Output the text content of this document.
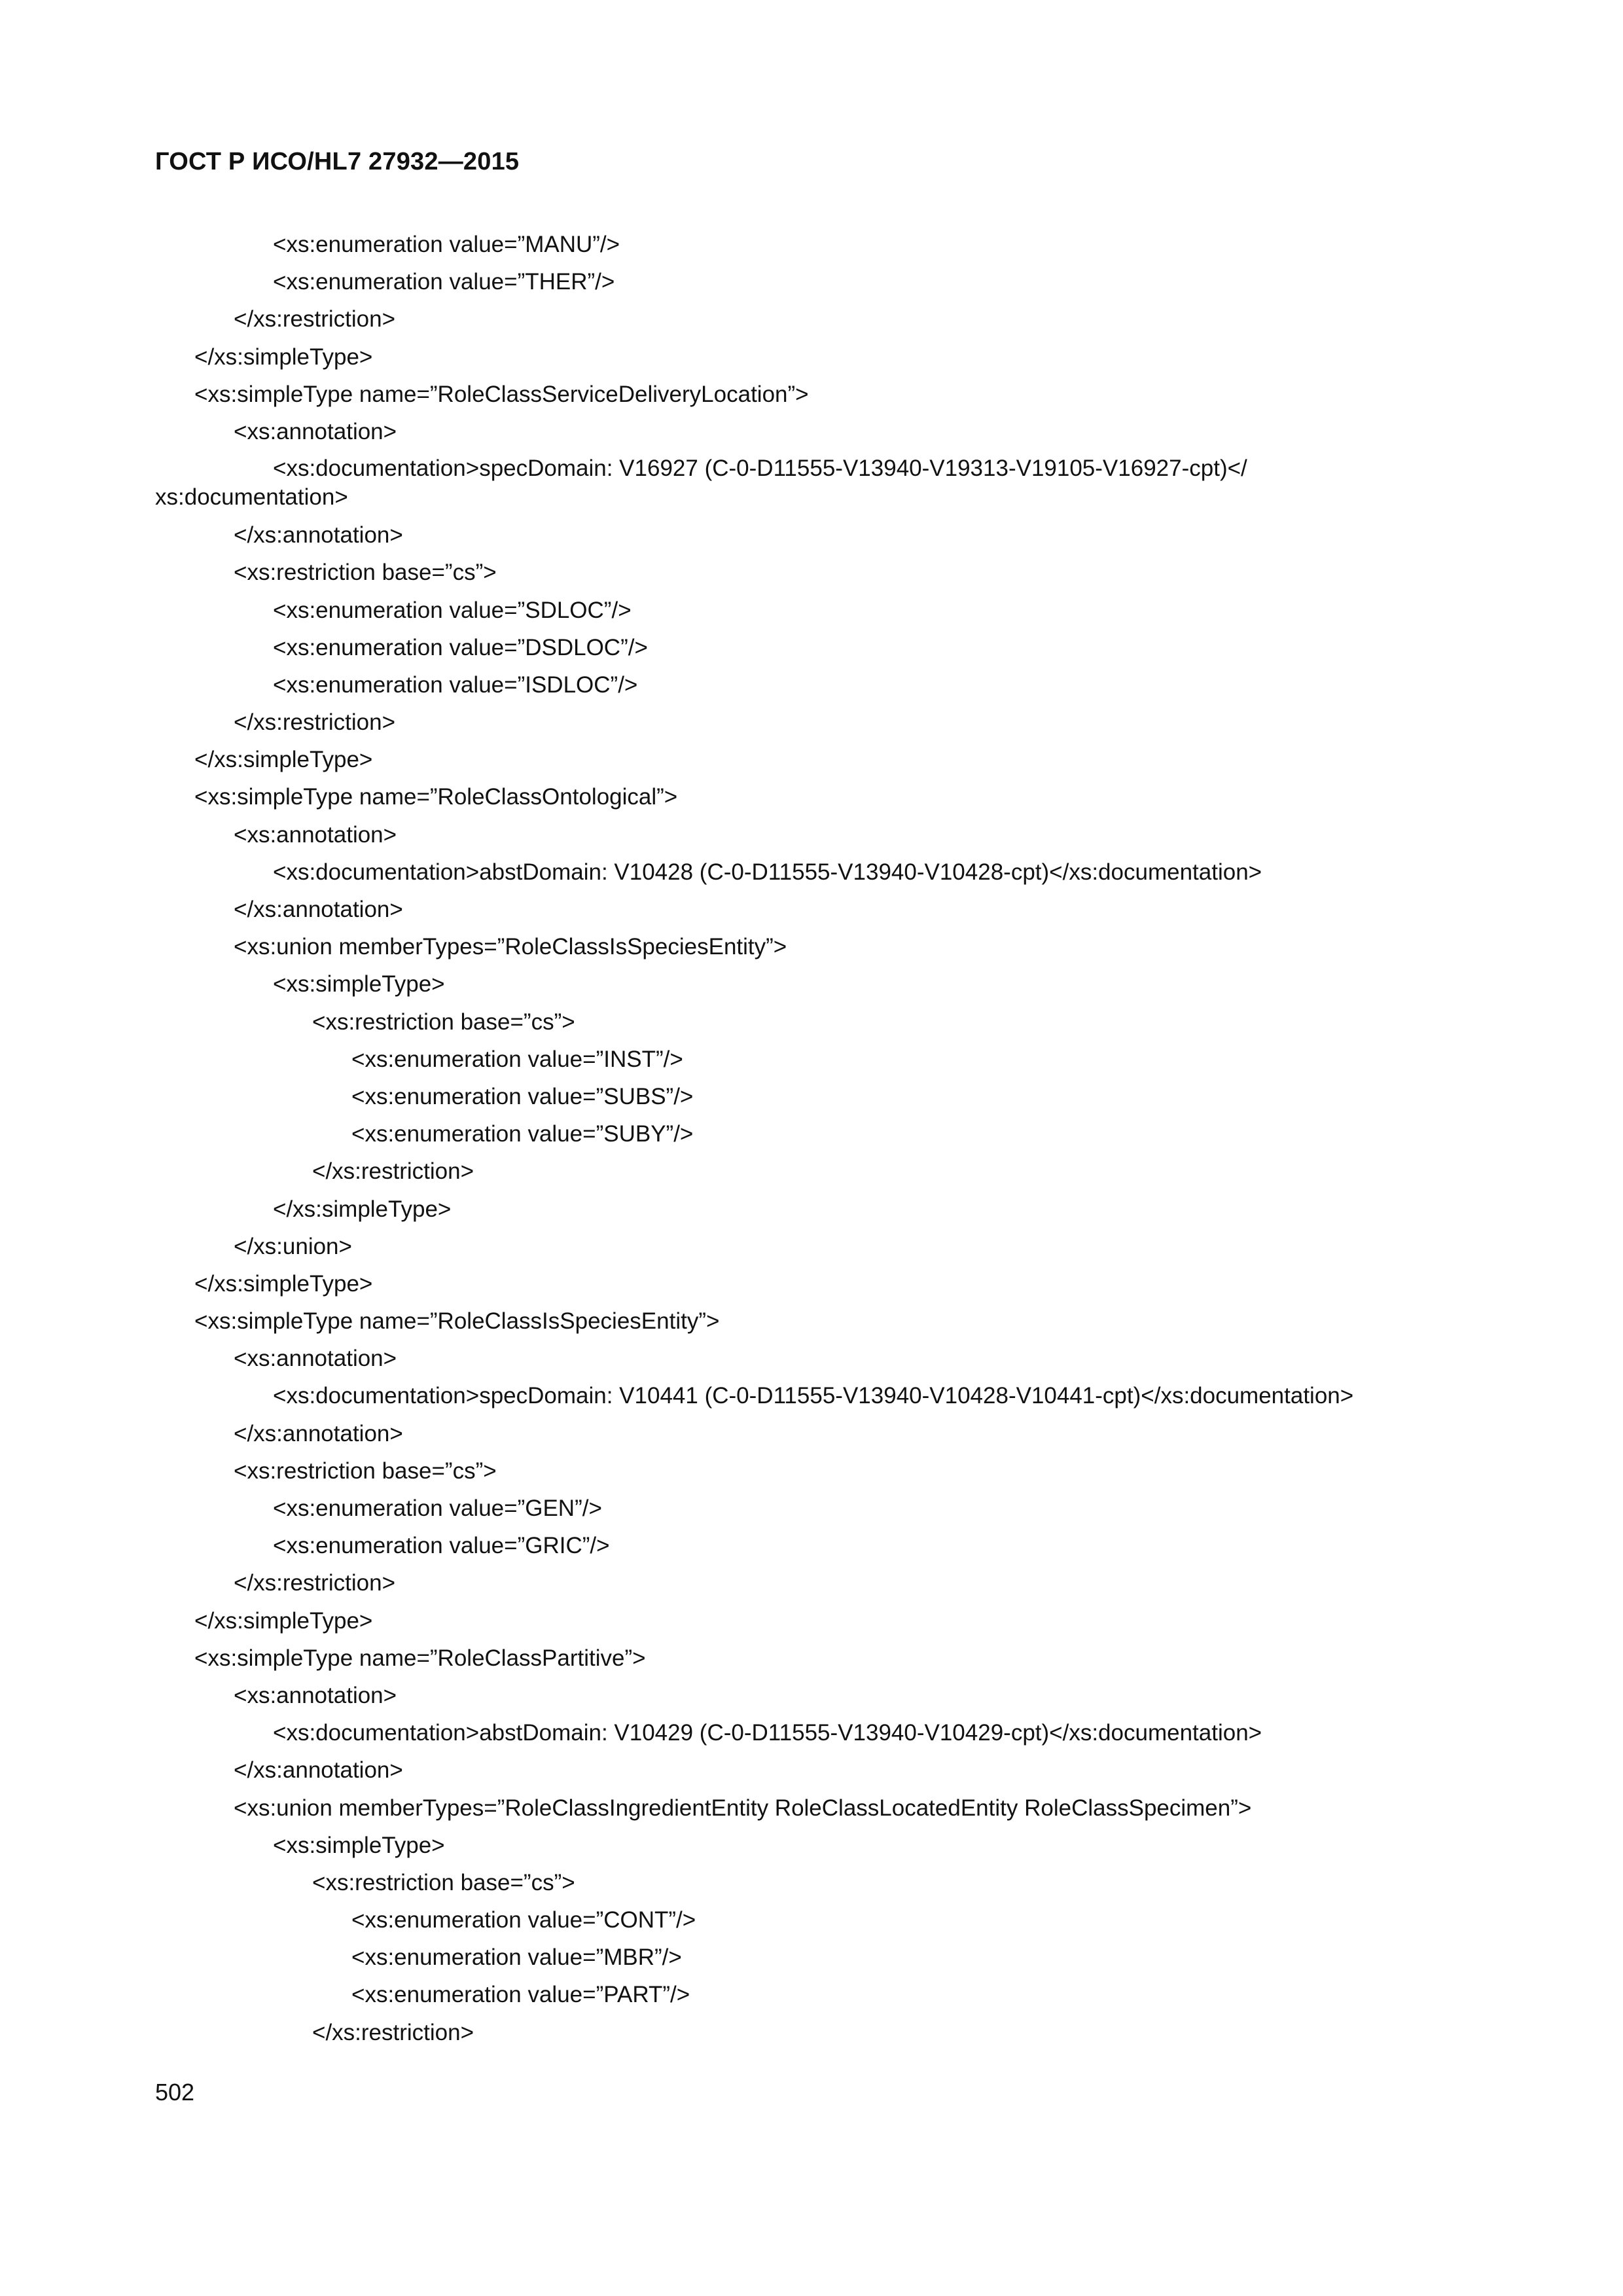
ГОСТ Р ИСО/HL7 27932—2015
<xs:enumeration value=”MANU”/>
<xs:enumeration value=”THER”/>
</xs:restriction>
</xs:simpleType>
<xs:simpleType name=”RoleClassServiceDeliveryLocation”>
<xs:annotation>
<xs:documentation>specDomain: V16927 (C-0-D11555-V13940-V19313-V19105-V16927-cpt)</
xs:documentation>
</xs:annotation>
<xs:restriction base=”cs”>
<xs:enumeration value=”SDLOC”/>
<xs:enumeration value=”DSDLOC”/>
<xs:enumeration value=”ISDLOC”/>
</xs:restriction>
</xs:simpleType>
<xs:simpleType name=”RoleClassOntological”>
<xs:annotation>
<xs:documentation>abstDomain: V10428 (C-0-D11555-V13940-V10428-cpt)</xs:documentation>
</xs:annotation>
<xs:union memberTypes=”RoleClassIsSpeciesEntity”>
<xs:simpleType>
<xs:restriction base=”cs”>
<xs:enumeration value=”INST”/>
<xs:enumeration value=”SUBS”/>
<xs:enumeration value=”SUBY”/>
</xs:restriction>
</xs:simpleType>
</xs:union>
</xs:simpleType>
<xs:simpleType name=”RoleClassIsSpeciesEntity”>
<xs:annotation>
<xs:documentation>specDomain: V10441 (C-0-D11555-V13940-V10428-V10441-cpt)</xs:documentation>
</xs:annotation>
<xs:restriction base=”cs”>
<xs:enumeration value=”GEN”/>
<xs:enumeration value=”GRIC”/>
</xs:restriction>
</xs:simpleType>
<xs:simpleType name=”RoleClassPartitive”>
<xs:annotation>
<xs:documentation>abstDomain: V10429 (C-0-D11555-V13940-V10429-cpt)</xs:documentation>
</xs:annotation>
<xs:union memberTypes=”RoleClassIngredientEntity RoleClassLocatedEntity RoleClassSpecimen”>
<xs:simpleType>
<xs:restriction base=”cs”>
<xs:enumeration value=”CONT”/>
<xs:enumeration value=”MBR”/>
<xs:enumeration value=”PART”/>
</xs:restriction>
502
